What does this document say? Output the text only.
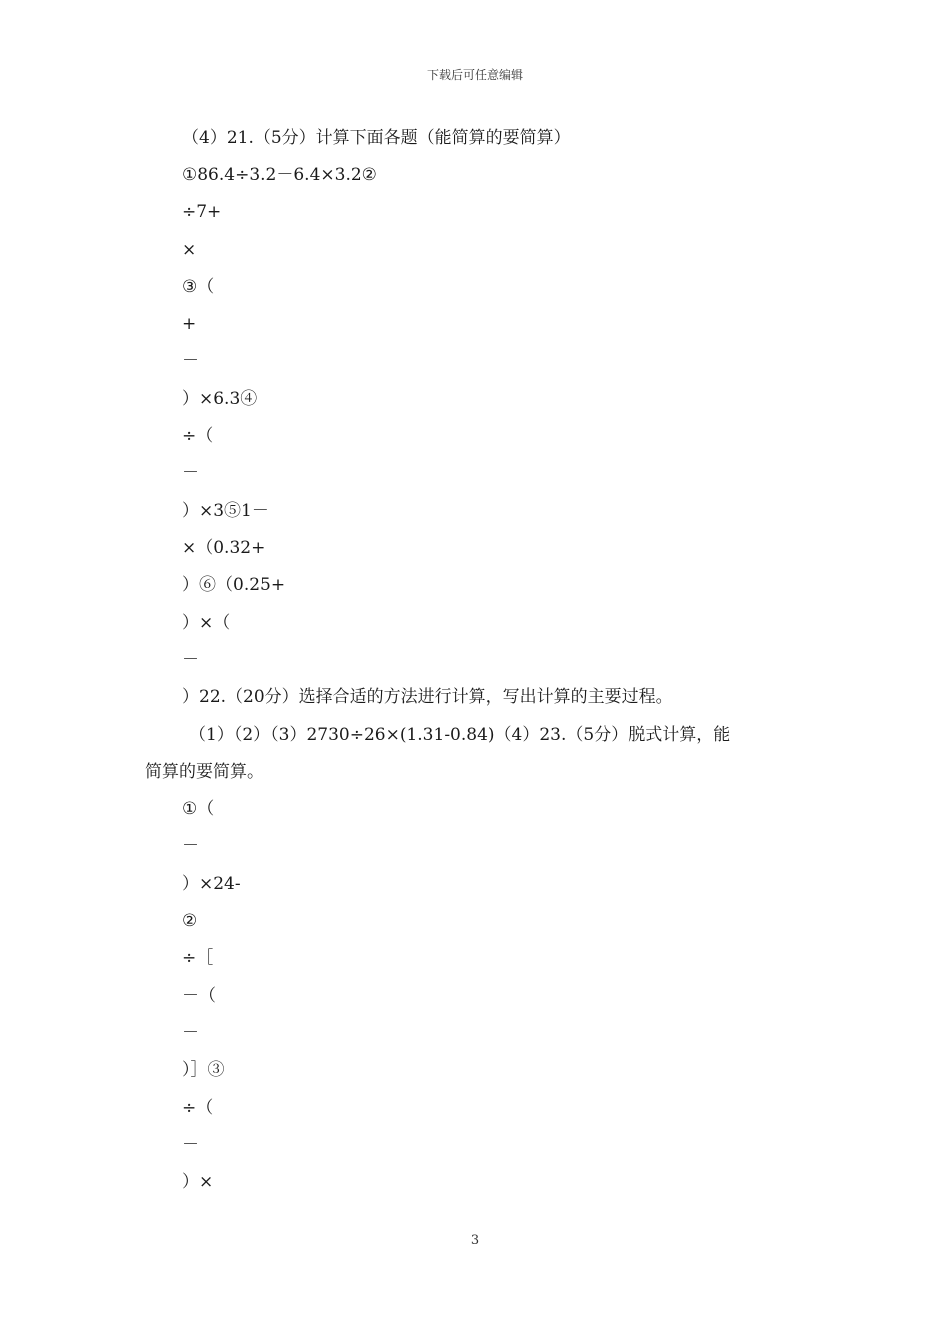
下载后可任意编辑
（4）21.（5分）计算下面各题（能简算的要简算）
①86.4÷3.2－6.4×3.2②
÷7+
×
③（
+
－
）×6.3④
÷（
－
）×3⑤1－
×（0.32+
）⑥（0.25+
）×（
－
）22.（20分）选择合适的方法进行计算，写出计算的主要过程。
（1）（2）（3）2730÷26×(1.31-0.84)（4）23.（5分）脱式计算，能
简算的要简算。
①（
－
）×24-
②
÷［
－（
－
）］③
÷（
－
）×
3
